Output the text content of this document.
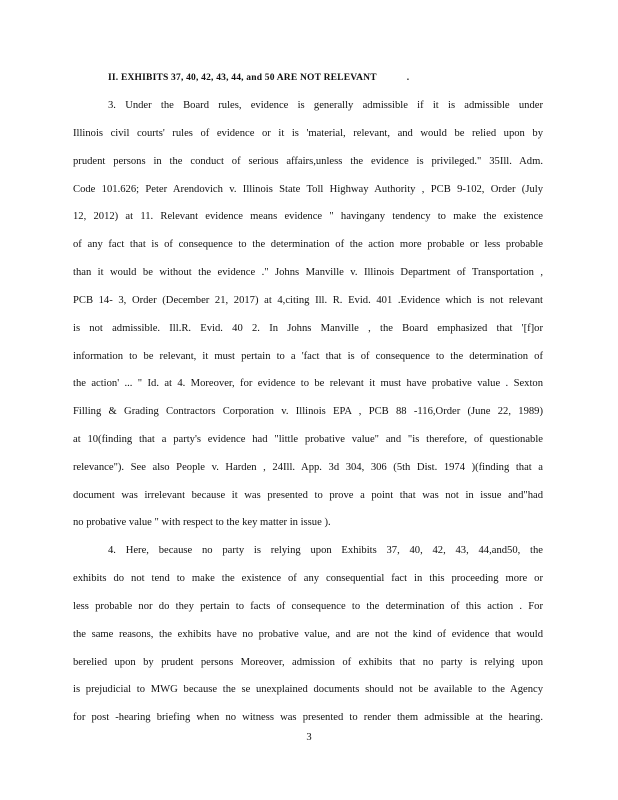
II. EXHIBITS 37, 40, 42, 43, 44, and 50 ARE NOT RELEVANT	.
3. Under the Board rules, evidence is generally admissible if it is admissible under
Illinois civil courts' rules of evidence or it is 'material, relevant, and would be relied upon by
prudent persons in the conduct of serious affairs,unless the evidence is privileged." 35Ill. Adm.
Code 101.626; Peter Arendovich v. Illinois State Toll Highway Authority , PCB 9-102, Order (July
12, 2012) at 11. Relevant evidence means evidence " havingany tendency to make the existence
of any fact that is of consequence to the determination of the action more probable or less probable
than it would be without the evidence ." Johns Manville v. Illinois Department of Transportation ,
PCB 14- 3, Order (December 21, 2017) at 4,citing Ill. R. Evid. 401 .Evidence which is not relevant
is not admissible. Ill.R. Evid. 40 2. In Johns Manville , the Board emphasized that '[f]or
information to be relevant, it must pertain to a 'fact that is of consequence to the determination of
the action' ... " Id. at 4. Moreover, for evidence to be relevant it must have probative value . Sexton
Filling & Grading Contractors Corporation v. Illinois EPA , PCB 88 -116,Order (June 22, 1989)
at 10(finding that a party's evidence had "little probative value" and "is therefore, of questionable
relevance"). See also People v. Harden , 24Ill. App. 3d 304, 306 (5th Dist. 1974 )(finding that a
document was irrelevant because it was presented to prove a point that was not in issue and"had
no probative value " with respect to the key matter in issue ).
4. Here, because no party is relying upon Exhibits 37, 40, 42, 43, 44,and50, the
exhibits do not tend to make the existence of any consequential fact in this proceeding more or
less probable nor do they pertain to facts of consequence to the determination of this action . For
the same reasons, the exhibits have no probative value, and are not the kind of evidence that would
berelied upon by prudent persons Moreover, admission of exhibits that no party is relying upon
is prejudicial to MWG because the se unexplained documents should not be available to the Agency
for post -hearing briefing when no witness was presented to render them admissible at the hearing.
3
